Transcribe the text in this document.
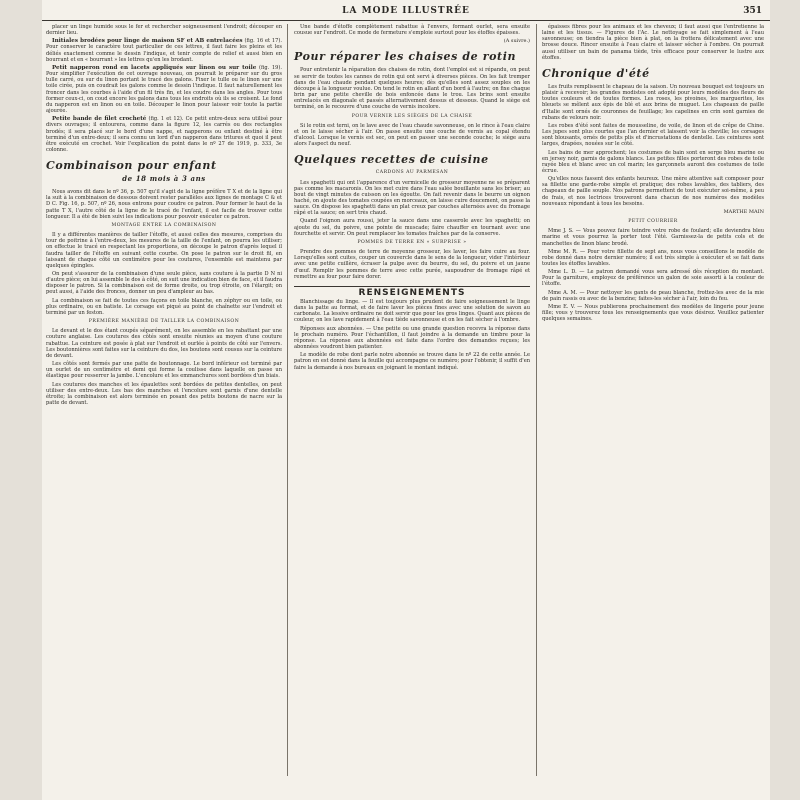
LA MODE ILLUSTRÉE	351

placer un linge humide sous le fer et rechercher soigneusement l'endroit; découper en dernier lieu.

Initiales brodées pour linge de maison SF et AB entrelacées (fig. 16 et 17). Pour conserver le caractère tout particulier de ces lettres, il faut faire les pleins et les déliés exactement comme le dessin l'indique, et tenir compte de relief et aussi bien en bourrant et en « bourrant » les lettres qu'en les brodant.

Petit napperon rond en lacets appliqués sur linon ou sur toile (fig. 19). Pour simplifier l'exécution de cet ouvrage nouveau, on pourrait le préparer sur du gros tulle carré, ou sur du linon portant le tracé des galons. Fixer le tulle ou le linon sur une toile cirée, puis on coudrait les galons comme le dessin l'indique. Il faut naturellement les froncer dans les courbes à l'aide d'un fil très fin, et les coudre dans les angles. Pour tous former ceux-ci, on coud encore les galons dans tous les endroits où ils se croisent. Le fond du napperon est en linon ou en toile. Découper le linon pour laisser voir toute la partie ajourée.

Petite bande de filet crocheté (fig. 1 et 12). Ce petit entre-deux sera utilisé pour divers ouvrages; il entourera, comme dans la figure 12, les carrés ou des rectangles brodés; il sera placé sur le bord d'une nappe, et napperons ou enfant destiné à être terminé d'un entre-deux; il sera connu un lord d'un napperon dans tritures et quoi il peut être exécuté en crochet. Voir l'explication du point dans le nº 27 de 1919, p. 333, 3e colonne.

Combinaison pour enfant
de 18 mois à 3 ans

Nous avons dit dans le nº 36, p. 507 qu'il s'agit de la ligne préfère T X et de la ligne qui la suit à la combinaison de dessous doivent rester parallèles aux lignes de montage C & et D C. Fig. 16, p. 507, nº 26, nous entrons pour coudre ce patron. Pour former le haut de la patte T X, l'autre côté de la ligne de le tracé de l'enfant, il est facile de trouver cette longueur. Il a été de bien suivi les indications pour pouvoir exécuter ce patron.

MONTAGE ENTRE LA COMBINAISON

Il y a différentes manières de tailler l'étoffe, et aussi celles des mesures, comprises du tour de poitrine à l'entre-deux, les mesures de la taille de l'enfant, on pourra les utiliser; on effectue le tracé en respectant les proportions, on découpe le patron d'après lequel il faudra tailler de l'étoffe en suivant cette courbe. On pose le patron sur le droit fil, en laissant de chaque côté un centimètre pour les coutures, l'ensemble est maintenu par quelques épingles.

On peut s'assurer de la combinaison d'une seule pièce, sans couture à la partie D N ni d'autre pièce; on lui assemble le dos à côté, on suit une indication bien de face, et il faudra disposer le patron. Si la combinaison est de forme droite, ou trop étroite, on l'élargit; on peut aussi, à l'aide des fronces, donner un peu d'ampleur au bas.

La combinaison se fait de toutes ces façons en toile blanche, en zéphyr ou en toile, ou plus ordinaire, ou en batiste. Le corsage est piqué au point de chaînette sur l'endroit et terminé par un feston.

PREMIÈRE MANIÈRE DE TAILLER LA COMBINAISON

Le devant et le dos étant coupés séparément, on les assemble en les rabattant par une couture anglaise. Les coutures des côtés sont ensuite réunies au moyen d'une couture rabattue. La ceinture est posée à plat sur l'endroit et ourlée à points de côté sur l'envers. Les boutonnières sont faites sur la ceinture du dos, les boutons sont cousus sur la ceinture de devant.

Les côtés sont fermés par une patte de boutonnage. Le bord inférieur est terminé par un ourlet de un centimètre et demi qui forme la coulisse dans laquelle on passe un élastique pour resserrer la jambe. L'encolure et les emmanchures sont bordées d'un biais.

Les coutures des manches et les épaulettes sont bordées de petites dentelles, on peut utiliser des entre-deux. Les bas des manches et l'encolure sont garnis d'une dentelle étroite; la combinaison est alors terminée en posant des petits boutons de nacre sur la patte de devant.

Une bande d'étoffe complètement rabattue à l'envers, formant ourlet, sera ensuite cousue sur l'endroit. Ce mode de fermeture s'emploie surtout pour les étoffes épaisses.

(A suivre.)
Pour réparer les chaises de rotin

Pour entretenir la réparation des chaises de rotin, dont l'emploi est si répandu, on peut se servir de toutes les cannes de rotin qui ont servi à diverses pièces. On les fait tremper dans de l'eau chaude pendant quelques heures; dès qu'elles sont assez souples on les découpe à la longueur voulue. On tend le rotin en allant d'un bord à l'autre; on fixe chaque brin par une petite cheville de bois enfoncée dans le trou. Les brins sont ensuite entrelacés en diagonale et passés alternativement dessus et dessous. Quand le siège est terminé, on le recouvre d'une couche de vernis incolore.

POUR VERNIR LES SIÈGES DE LA CHAISE

Si le rotin est terni, on le lave avec de l'eau chaude savonneuse, on le rince à l'eau claire et on le laisse sécher à l'air. On passe ensuite une couche de vernis au copal étendu d'alcool. Lorsque le vernis est sec, on peut en passer une seconde couche; le siège aura alors l'aspect du neuf.

Quelques recettes de cuisine
CARDONS AU PARMESAN

Les spaghetti qui ont l'apparence d'un vermicelle de grosseur moyenne ne se préparent pas comme les macaronis. On les met cuire dans l'eau salée bouillante sans les briser; au bout de vingt minutes de cuisson on les égoutte. On fait revenir dans le beurre un oignon haché, on ajoute des tomates coupées en morceaux, on laisse cuire doucement, on passe la sauce. On dispose les spaghetti dans un plat creux par couches alternées avec du fromage râpé et la sauce; on sert très chaud.

Quand l'oignon aura roussi, jeter la sauce dans une casserole avec les spaghetti; on ajoute du sel, du poivre, une pointe de muscade; faire chauffer en tournant avec une fourchette et servir. On peut remplacer les tomates fraîches par de la conserve.

POMMES DE TERRE EN « SURPRISE »

Prendre des pommes de terre de moyenne grosseur, les laver, les faire cuire au four. Lorsqu'elles sont cuites, couper un couvercle dans le sens de la longueur, vider l'intérieur avec une petite cuillère, écraser la pulpe avec du beurre, du sel, du poivre et un jaune d'œuf. Remplir les pommes de terre avec cette purée, saupoudrer de fromage râpé et remettre au four pour faire dorer.

RENSEIGNEMENTS

Blanchissage du linge. — Il est toujours plus prudent de faire soigneusement le linge dans la patte au format, et de faire laver les pièces fines avec une solution de savon au carbonate. La lessive ordinaire ne doit servir que pour les gros linges. Quant aux pièces de couleur, on les lave rapidement à l'eau tiède savonneuse et on les fait sécher à l'ombre.

Réponses aux abonnées. — Une petite ou une grande question recevra la réponse dans le prochain numéro. Pour l'échantillon, il faut joindre à la demande un timbre pour la réponse. La réponse aux abonnées est faite dans l'ordre des demandes reçues; les abonnées voudront bien patienter.

Le modèle de robe dont parle notre abonnée se trouve dans le nº 22 de cette année. Le patron en est donné dans la feuille qui accompagne ce numéro; pour l'obtenir, il suffit d'en faire la demande à nos bureaux en joignant le montant indiqué.

épaisses fibres pour les animaux et les cheveux; il faut aussi que l'entretienne la laine et les tissus. — Figures de l'Ac. Le nettoyage se fait simplement à l'eau savonneuse; on tiendra la pièce bien à plat, on la frottera délicatement avec une brosse douce. Rincer ensuite à l'eau claire et laisser sécher à l'ombre. On pourrait aussi utiliser un bain de panama tiède, très efficace pour conserver le lustre aux étoffes.

Chronique d'été

Les fruits remplissent le chapeau de la saison. Un nouveau bouquet est toujours un plaisir à recevoir; les grandes modistes ont adopté pour leurs modèles des fleurs de toutes couleurs et de toutes formes. Les roses, les pivoines, les marguerites, les bleuets se mêlent aux épis de blé et aux brins de muguet. Les chapeaux de paille d'Italie sont ornés de couronnes de feuillage; les capelines en crin sont garnies de rubans de velours noir.

Les robes d'été sont faites de mousseline, de voile, de linon et de crêpe de Chine. Les jupes sont plus courtes que l'an dernier et laissent voir la cheville; les corsages sont blousants, ornés de petits plis et d'incrustations de dentelle. Les ceintures sont larges, drapées, nouées sur le côté.

Les bains de mer approchent; les costumes de bain sont en serge bleu marine ou en jersey noir, garnis de galons blancs. Les petites filles porteront des robes de toile rayée bleu et blanc avec un col marin; les garçonnets auront des costumes de toile écrue.

Qu'elles nous fassent des enfants heureux. Une mère attentive sait composer pour sa fillette une garde-robe simple et pratique; des robes lavables, des tabliers, des chapeaux de paille souple. Nos patrons permettent de tout exécuter soi-même, à peu de frais, et nos lectrices trouveront dans chacun de nos numéros des modèles nouveaux répondant à tous les besoins.

MARTHE MAIN
PETIT COURRIER

Mme J. S. — Vous pouvez faire teindre votre robe de foulard; elle deviendra bleu marine et vous pourrez la porter tout l'été. Garnissez-la de petits cols et de manchettes de linon blanc brodé.

Mme M. R. — Pour votre fillette de sept ans, nous vous conseillons le modèle de robe donné dans notre dernier numéro; il est très simple à exécuter et se fait dans toutes les étoffes lavables.

Mme L. D. — Le patron demandé vous sera adressé dès réception du montant. Pour la garniture, employez de préférence un galon de soie assorti à la couleur de l'étoffe.

Mme A. M. — Pour nettoyer les gants de peau blanche, frottez-les avec de la mie de pain rassis ou avec de la benzine; faites-les sécher à l'air, loin du feu.

Mme E. V. — Nous publierons prochainement des modèles de lingerie pour jeune fille; vous y trouverez tous les renseignements que vous désirez. Veuillez patienter quelques semaines.
